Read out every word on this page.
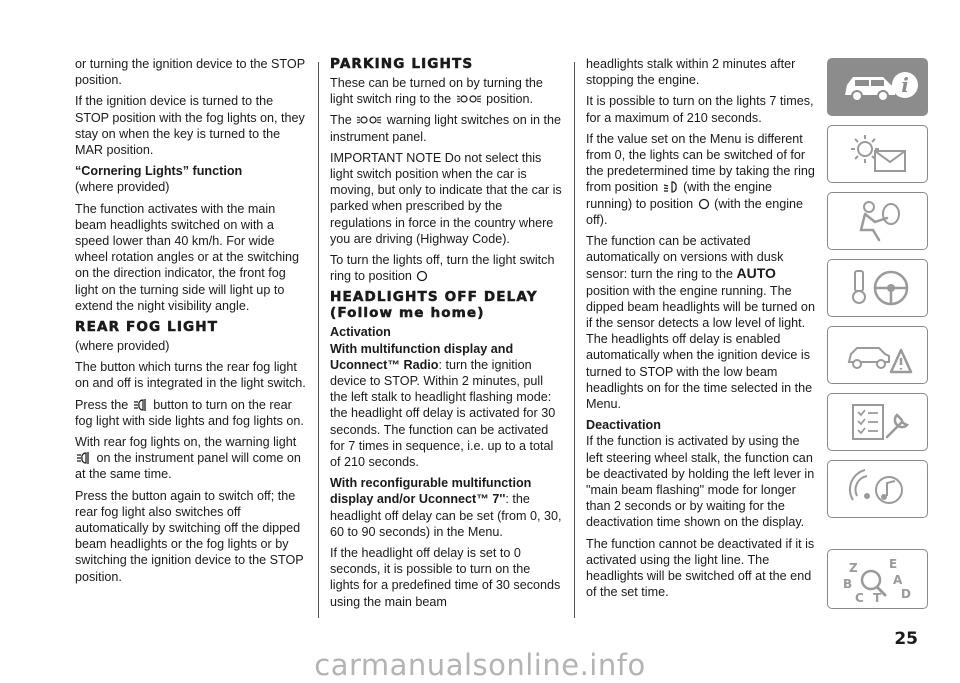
or turning the ignition device to the STOP position.

If the ignition device is turned to the STOP position with the fog lights on, they stay on when the key is turned to the MAR position.

“Cornering Lights” function

(where provided)

The function activates with the main beam headlights switched on with a speed lower than 40 km/h. For wide wheel rotation angles or at the switching on the direction indicator, the front fog light on the turning side will light up to extend the night visibility angle.

REAR FOG LIGHT

(where provided)

The button which turns the rear fog light on and off is integrated in the light switch.

Press the button to turn on the rear fog light with side lights and fog lights on.

With rear fog lights on, the warning light  on the instrument panel will come on at the same time.

Press the button again to switch off; the rear fog light also switches off automatically by switching off the dipped beam headlights or the fog lights or by switching the ignition device to the STOP position.

PARKING LIGHTS

These can be turned on by turning the light switch ring to the	position.

The	warning light switches on in the instrument panel.

IMPORTANT NOTE Do not select this light switch position when the car is moving, but only to indicate that the car is parked when prescribed by the regulations in force in the country where you are driving (Highway Code).

To turn the lights off, turn the light switch ring to position

HEADLIGHTS OFF DELAY
(Follow me home)
Activation
With multifunction display and

Uconnect™ Radio: turn the ignition device to STOP. Within 2 minutes, pull the left stalk to headlight flashing mode: the headlight off delay is activated for 30 seconds. The function can be activated for 7 times in sequence, i.e. up to a total of 210 seconds.

With reconfigurable multifunction

display and/or Uconnect™ 7'': the headlight off delay can be set (from 0, 30, 60 to 90 seconds) in the Menu.

If the headlight off delay is set to 0 seconds, it is possible to turn on the lights for a predefined time of 30 seconds using the main beam

headlights stalk within 2 minutes after stopping the engine.

It is possible to turn on the lights 7 times, for a maximum of 210 seconds.

If the value set on the Menu is different from 0, the lights can be switched of for the predetermined time by taking the ring from position (with the engine running) to position (with the engine off).

The function can be activated automatically on versions with dusk sensor: turn the ring to the AUTO position with the engine running. The dipped beam headlights will be turned on if the sensor detects a low level of light. The headlights off delay is enabled automatically when the ignition device is turned to STOP with the low beam headlights on for the time selected in the Menu.

Deactivation

If the function is activated by using the left steering wheel stalk, the function can be deactivated by holding the left lever in "main beam flashing" mode for longer than 2 seconds or by waiting for the deactivation time shown on the display.

The function cannot be deactivated if it is activated using the light line. The headlights will be switched off at the end of the set time.

i
Z	E
B	A
C T D
25
carmanualsonline.info
